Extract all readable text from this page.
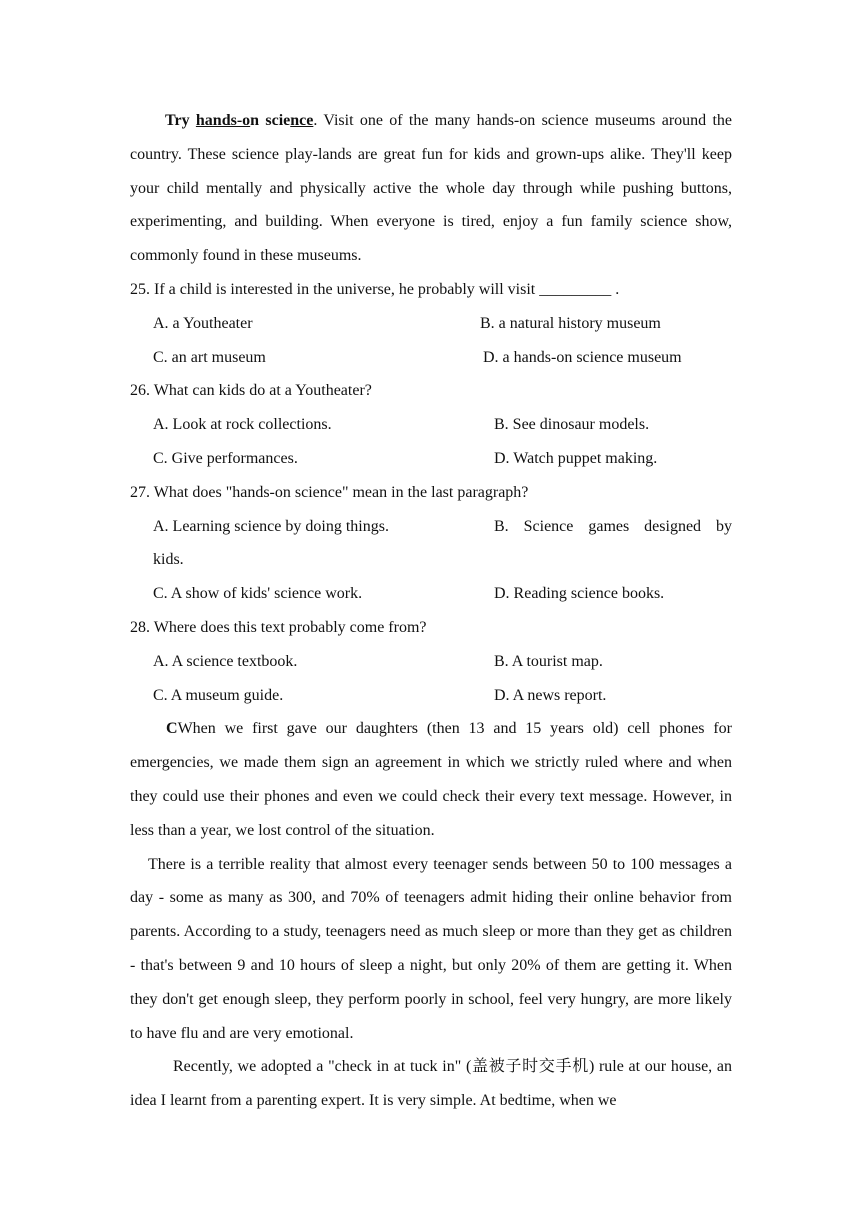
Try hands-on science. Visit one of the many hands-on science museums around the country. These science play-lands are great fun for kids and grown-ups alike. They'll keep your child mentally and physically active the whole day through while pushing buttons, experimenting, and building. When everyone is tired, enjoy a fun family science show, commonly found in these museums.

25. If a child is interested in the universe, he probably will visit _________ .

A. a Youtheater	B. a natural history museum
C. an art museum	D. a hands-on science museum

26. What can kids do at a Youtheater?

A. Look at rock collections.	B. See dinosaur models.
C. Give performances.	D. Watch puppet making.

27. What does "hands-on science" mean in the last paragraph?

A. Learning science by doing things.	B. Science games designed by

kids.

C. A show of kids' science work.	D. Reading science books.

28. Where does this text probably come from?

A. A science textbook.	B. A tourist map.
C. A museum guide.	D. A news report.

CWhen we first gave our daughters (then 13 and 15 years old) cell phones for emergencies, we made them sign an agreement in which we strictly ruled where and when they could use their phones and even we could check their every text message. However, in less than a year, we lost control of the situation.

There is a terrible reality that almost every teenager sends between 50 to 100 messages a day - some as many as 300, and 70% of teenagers admit hiding their online behavior from parents. According to a study, teenagers need as much sleep or more than they get as children - that's between 9 and 10 hours of sleep a night, but only 20% of them are getting it. When they don't get enough sleep, they perform poorly in school, feel very hungry, are more likely to have flu and are very emotional.

Recently, we adopted a "check in at tuck in" (盖被子时交手机) rule at our house, an idea I learnt from a parenting expert. It is very simple. At bedtime, when we
